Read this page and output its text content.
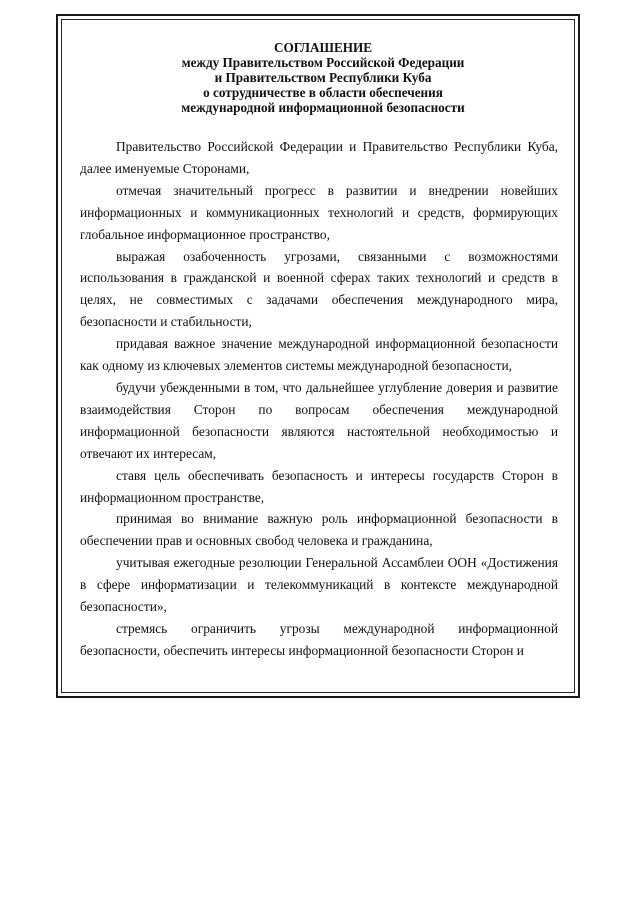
СОГЛАШЕНИЕ
между Правительством Российской Федерации
и Правительством Республики Куба
о сотрудничестве в области обеспечения
международной информационной безопасности

Правительство Российской Федерации и Правительство Республики Куба, далее именуемые Сторонами,

отмечая значительный прогресс в развитии и внедрении новейших информационных и коммуникационных технологий и средств, формирующих глобальное информационное пространство,

выражая озабоченность угрозами, связанными с возможностями использования в гражданской и военной сферах таких технологий и средств в целях, не совместимых с задачами обеспечения международного мира, безопасности и стабильности,

придавая важное значение международной информационной безопасности как одному из ключевых элементов системы международной безопасности,

будучи убежденными в том, что дальнейшее углубление доверия и развитие взаимодействия Сторон по вопросам обеспечения международной информационной безопасности являются настоятельной необходимостью и отвечают их интересам,

ставя цель обеспечивать безопасность и интересы государств Сторон в информационном пространстве,

принимая во внимание важную роль информационной безопасности в обеспечении прав и основных свобод человека и гражданина,

учитывая ежегодные резолюции Генеральной Ассамблеи ООН «Достижения в сфере информатизации и телекоммуникаций в контексте международной безопасности»,

стремясь ограничить угрозы международной информационной безопасности, обеспечить интересы информационной безопасности Сторон и
